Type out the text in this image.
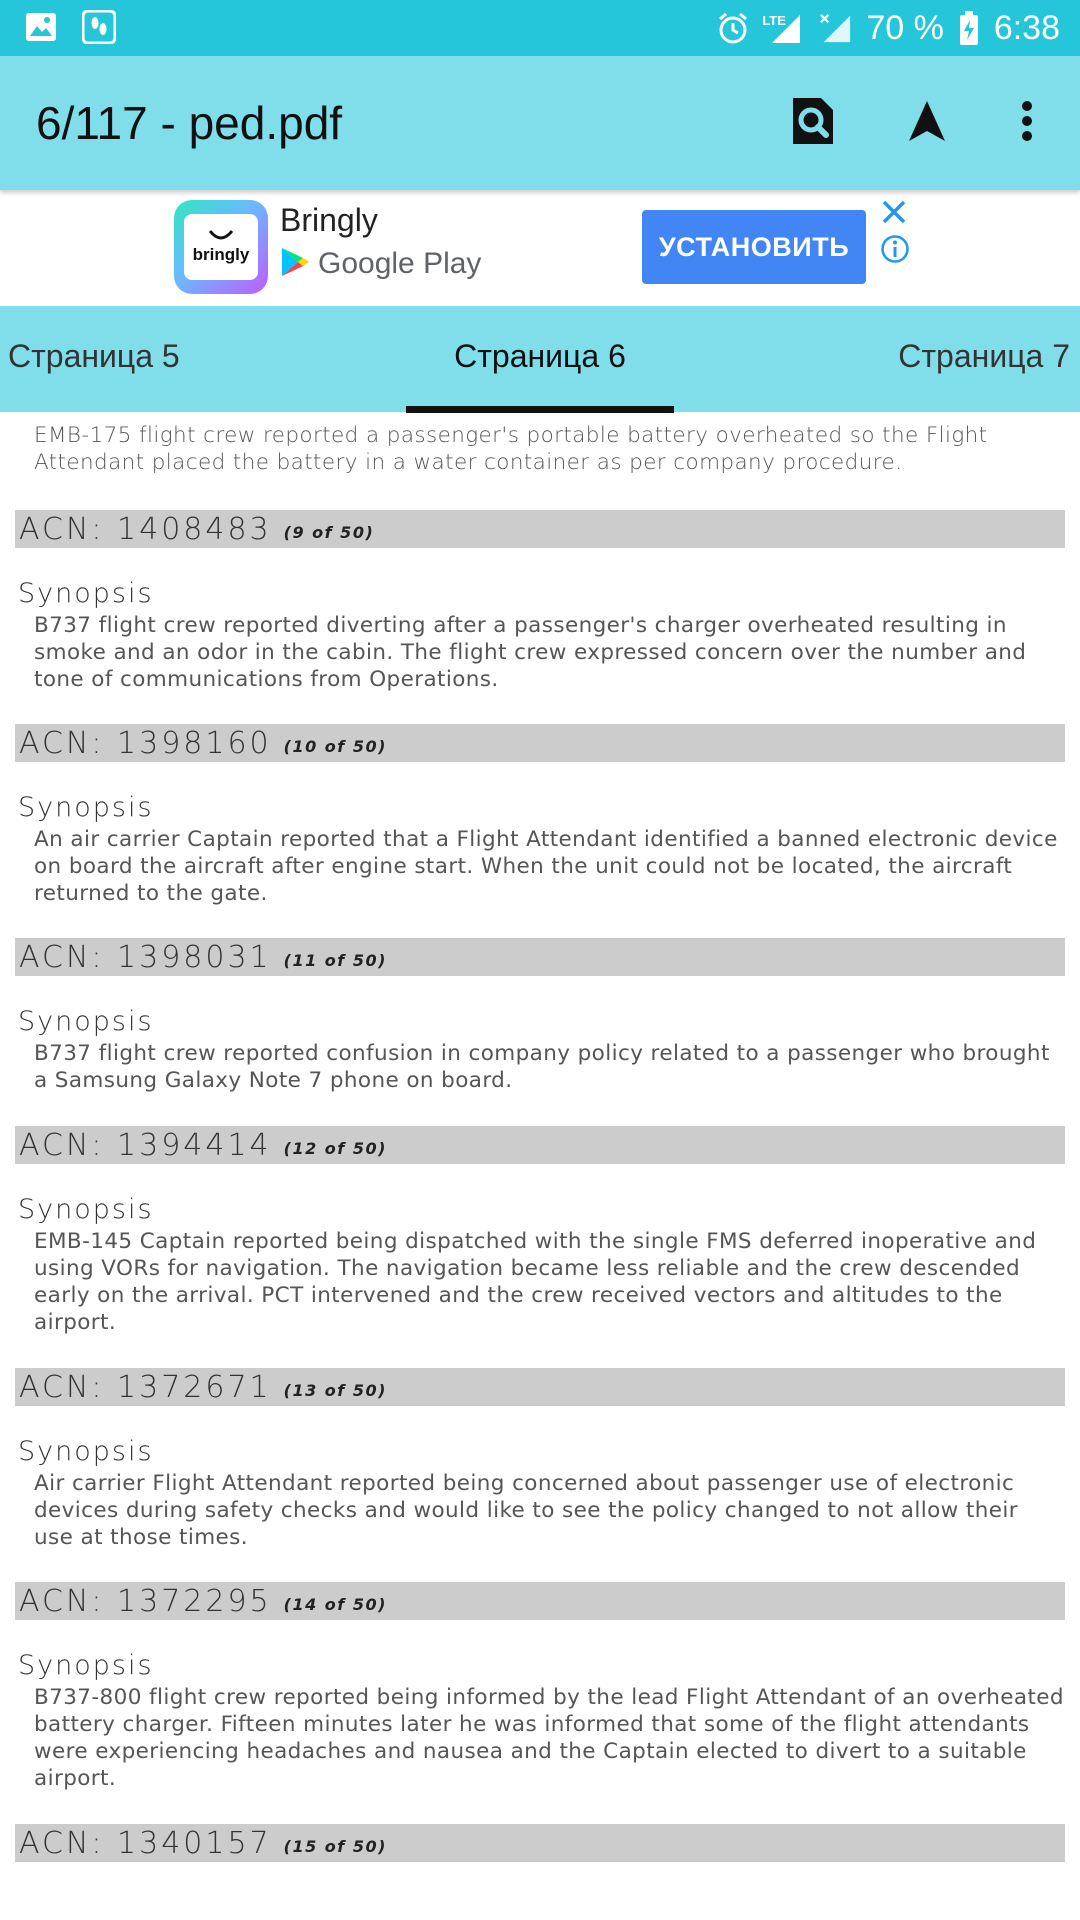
LTE 70 % 6:38
6/117 - ped.pdf
bringly
Bringly
Google Play
УСТАНОВИТЬ
Страница 5	Страница 6	Страница 7
EMB-175 flight crew reported a passenger's portable battery overheated so the Flight Attendant placed the battery in a water container as per company procedure.
ACN: 1408483 (9 of 50)
Synopsis
B737 flight crew reported diverting after a passenger's charger overheated resulting in smoke and an odor in the cabin. The flight crew expressed concern over the number and tone of communications from Operations.
ACN: 1398160 (10 of 50)
Synopsis
An air carrier Captain reported that a Flight Attendant identified a banned electronic device on board the aircraft after engine start. When the unit could not be located, the aircraft returned to the gate.
ACN: 1398031 (11 of 50)
Synopsis
B737 flight crew reported confusion in company policy related to a passenger who brought a Samsung Galaxy Note 7 phone on board.
ACN: 1394414 (12 of 50)
Synopsis
EMB-145 Captain reported being dispatched with the single FMS deferred inoperative and using VORs for navigation. The navigation became less reliable and the crew descended early on the arrival. PCT intervened and the crew received vectors and altitudes to the airport.
ACN: 1372671 (13 of 50)
Synopsis
Air carrier Flight Attendant reported being concerned about passenger use of electronic devices during safety checks and would like to see the policy changed to not allow their use at those times.
ACN: 1372295 (14 of 50)
Synopsis
B737-800 flight crew reported being informed by the lead Flight Attendant of an overheated battery charger. Fifteen minutes later he was informed that some of the flight attendants were experiencing headaches and nausea and the Captain elected to divert to a suitable airport.
ACN: 1340157 (15 of 50)
